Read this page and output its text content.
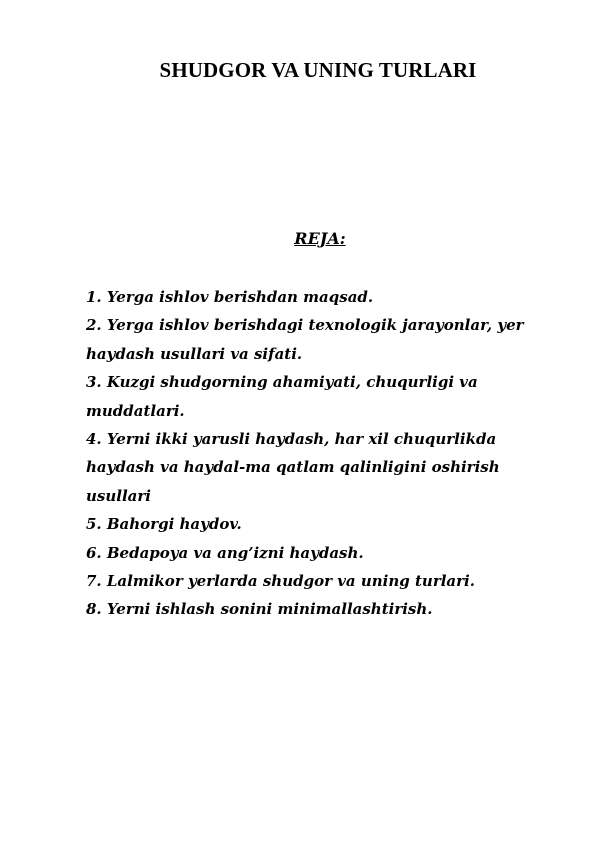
SHUDGOR VA UNING TURLARI
REJA:
1. Yerga ishlov berishdan maqsad.
2. Yerga ishlov berishdagi texnologik jarayonlar, yer haydash usullari va sifati.
3. Kuzgi shudgorning ahamiyati, chuqurligi va muddatlari.
4. Yerni ikki yarusli haydash, har xil chuqurlikda haydash va haydal-ma qatlam qalinligini oshirish usullari
5. Bahorgi haydov.
6. Bedapoya va ang’izni haydash.
7. Lalmikor yerlarda shudgor va uning turlari.
8. Yerni ishlash sonini minimallashtirish.
